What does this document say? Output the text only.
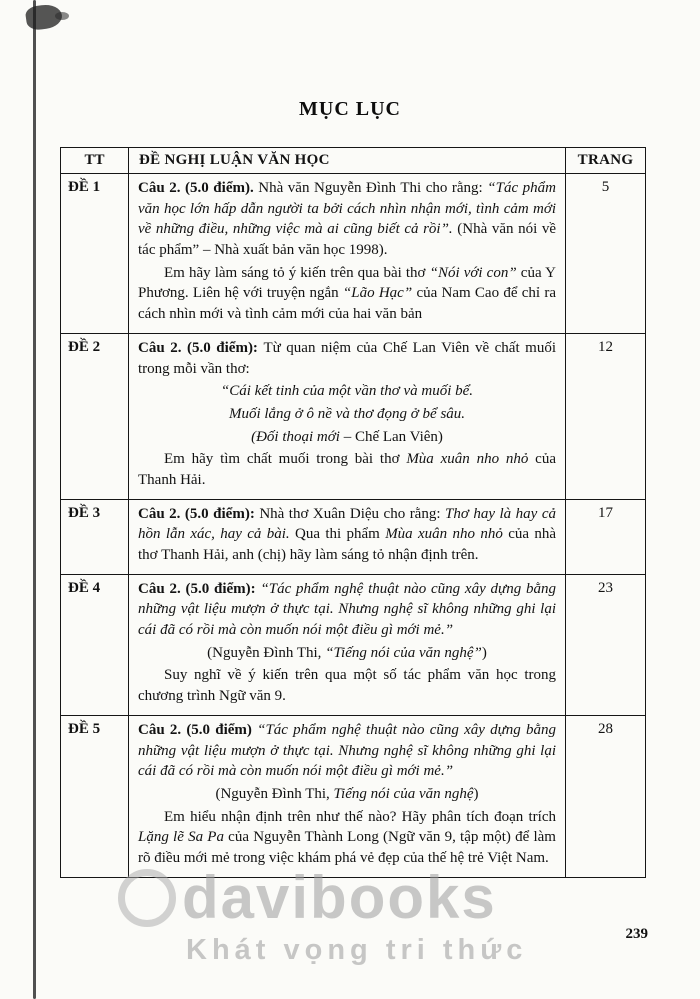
MỤC LỤC
TT	ĐỀ NGHỊ LUẬN VĂN HỌC	TRANG
ĐỀ 1	Câu 2. (5.0 điểm). Nhà văn Nguyễn Đình Thi cho rằng: “Tác phẩm văn học lớn hấp dẫn người ta bởi cách nhìn nhận mới, tình cảm mới về những điều, những việc mà ai cũng biết cả rồi”. (Nhà văn nói về tác phẩm” – Nhà xuất bản văn học 1998).

Em hãy làm sáng tỏ ý kiến trên qua bài thơ “Nói với con” của Y Phương. Liên hệ với truyện ngắn “Lão Hạc” của Nam Cao để chỉ ra cách nhìn mới và tình cảm mới của hai văn bản	5
ĐỀ 2	Câu 2. (5.0 điểm): Từ quan niệm của Chế Lan Viên về chất muối trong mỗi vần thơ:

“Cái kết tinh của một vần thơ và muối bể.

Muối lắng ở ô nề và thơ đọng ở bể sâu.

(Đối thoại mới – Chế Lan Viên)

Em hãy tìm chất muối trong bài thơ Mùa xuân nho nhỏ của Thanh Hải.	12
ĐỀ 3	Câu 2. (5.0 điểm): Nhà thơ Xuân Diệu cho rằng: Thơ hay là hay cả hồn lẫn xác, hay cả bài. Qua thi phẩm Mùa xuân nho nhỏ của nhà thơ Thanh Hải, anh (chị) hãy làm sáng tỏ nhận định trên.	17
ĐỀ 4	Câu 2. (5.0 điểm): “Tác phẩm nghệ thuật nào cũng xây dựng bằng những vật liệu mượn ở thực tại. Nhưng nghệ sĩ không những ghi lại cái đã có rồi mà còn muốn nói một điều gì mới mẻ.”

(Nguyễn Đình Thi, “Tiếng nói của văn nghệ”)

Suy nghĩ về ý kiến trên qua một số tác phẩm văn học trong chương trình Ngữ văn 9.	23
ĐỀ 5	Câu 2. (5.0 điểm) “Tác phẩm nghệ thuật nào cũng xây dựng bằng những vật liệu mượn ở thực tại. Nhưng nghệ sĩ không những ghi lại cái đã có rồi mà còn muốn nói một điều gì mới mẻ.”

(Nguyễn Đình Thi, Tiếng nói của văn nghệ)

Em hiểu nhận định trên như thế nào? Hãy phân tích đoạn trích Lặng lẽ Sa Pa của Nguyễn Thành Long (Ngữ văn 9, tập một) để làm rõ điều mới mẻ trong việc khám phá vẻ đẹp của thế hệ trẻ Việt Nam.	28
davibooks
Khát vọng tri thức	239
